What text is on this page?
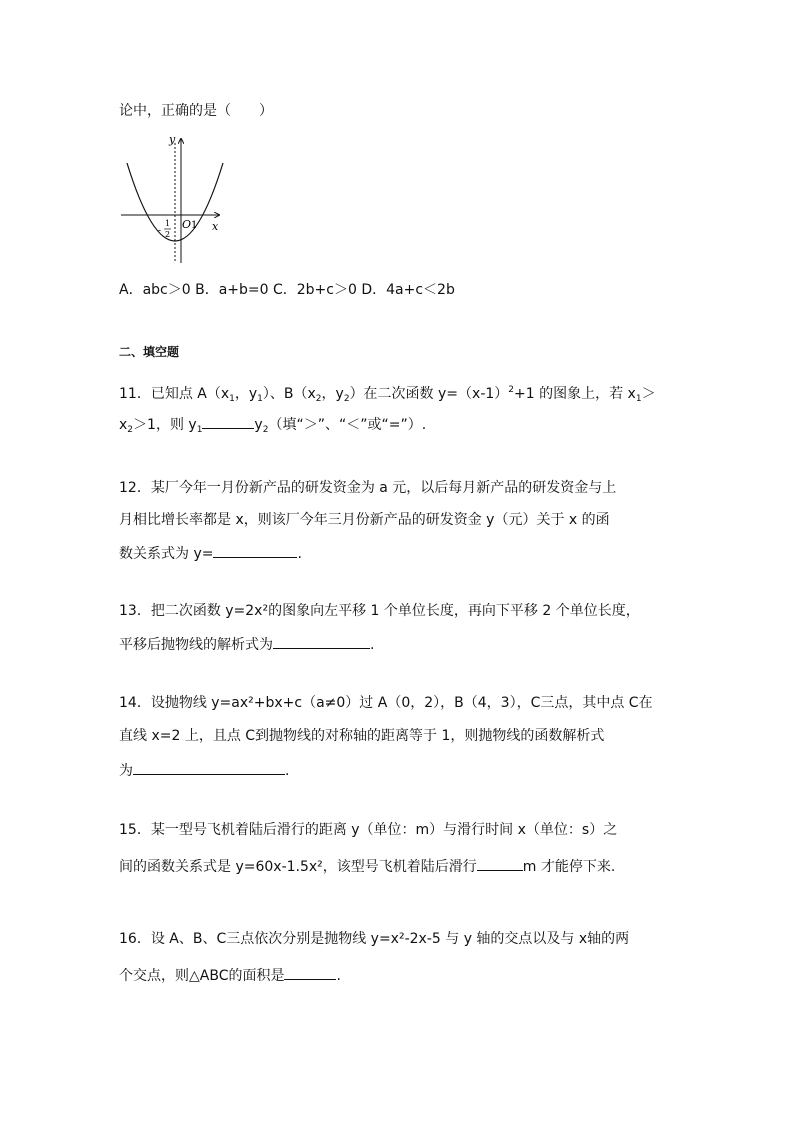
论中，正确的是（　　）
y
x
O 1
-
1
2
A．abc＞0 B．a+b=0 C．2b+c＞0 D．4a+c＜2b
二、填空题
11．已知点 $A(x_1$，$y_1$）、$B(x_2$，$y_2$）在二次函数 $y=(x-1)^2+1$ 的图象上，若 $x_1>$
$x_2>1$，则 $y_1$	$y_2$（填“＞”、“＜”或“=”）.
12．某厂今年一月份新产品的研发资金为 a 元，以后每月新产品的研发资金与上
月相比增长率都是 x，则该厂今年三月份新产品的研发资金 y（元）关于 x 的函
数关系式为 y=	.
13．把二次函数 y=2x²的图象向左平移 1 个单位长度，再向下平移 2 个单位长度，
平移后抛物线的解析式为	.
14．设抛物线 y=ax²+bx+c（a≠0）过 A（0，2），B（4，3），C三点，其中点 C在
直线 x=2 上，且点 C到抛物线的对称轴的距离等于 1，则抛物线的函数解析式
为	.
15．某一型号飞机着陆后滑行的距离 y（单位：m）与滑行时间 x（单位：s）之
间的函数关系式是 y=60x-1.5x²，该型号飞机着陆后滑行	m 才能停下来.
16．设 A、B、C三点依次分别是抛物线 y=x²-2x-5 与 y 轴的交点以及与 x轴的两
个交点，则△ABC的面积是	.
